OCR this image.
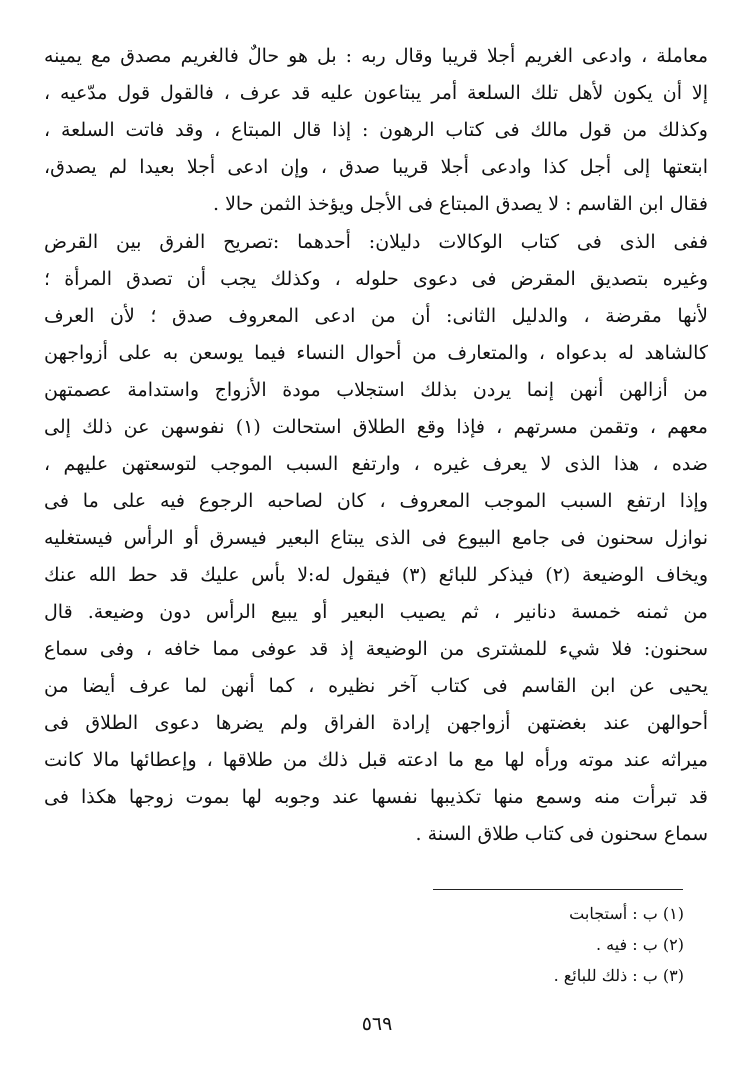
معاملة ، وادعى الغريم أجلا قريبا وقال ربه : بل هو حالٌ فالغريم مصدق مع يمينه
إلا أن يكون لأهل تلك السلعة أمر يبتاعون عليه قد عرف ، فالقول قول مدّعيه ،
وكذلك من قول مالك فى كتاب الرهون : إذا قال المبتاع ، وقد فاتت السلعة ،
ابتعتها إلى أجل كذا وادعى أجلا قريبا صدق ، وإن ادعى أجلا بعيدا لم يصدق،
فقال ابن القاسم : لا يصدق المبتاع فى الأجل ويؤخذ الثمن حالا .
ففى الذى فى كتاب الوكالات دليلان: أحدهما :تصريح الفرق بين القرض
وغيره بتصديق المقرض فى دعوى حلوله ، وكذلك يجب أن تصدق المرأة ؛
لأنها مقرضة ، والدليل الثانى: أن من ادعى المعروف صدق ؛ لأن العرف
كالشاهد له بدعواه ، والمتعارف من أحوال النساء فيما يوسعن به على أزواجهن
من أزالهن أنهن إنما يردن بذلك استجلاب مودة الأزواج واستدامة عصمتهن
معهم ، وتقمن مسرتهم ، فإذا وقع الطلاق استحالت (١) نفوسهن عن ذلك إلى
ضده ، هذا الذى لا يعرف غيره ، وارتفع السبب الموجب لتوسعتهن عليهم ،
وإذا ارتفع السبب الموجب المعروف ، كان لصاحبه الرجوع فيه على ما فى
نوازل سحنون فى جامع البيوع فى الذى يبتاع البعير فيسرق أو الرأس فيستغليه
ويخاف الوضيعة (٢) فيذكر للبائع (٣) فيقول له:لا بأس عليك قد حط الله عنك
من ثمنه خمسة دنانير ، ثم يصيب البعير أو يبيع الرأس دون وضيعة. قال
سحنون: فلا شيء للمشترى من الوضيعة إذ قد عوفى مما خافه ، وفى سماع
يحيى عن ابن القاسم فى كتاب آخر نظيره ، كما أنهن لما عرف أيضا من
أحوالهن عند بغضتهن أزواجهن إرادة الفراق ولم يضرها دعوى الطلاق فى
ميراثه عند موته ورأه لها مع ما ادعته قبل ذلك من طلاقها ، وإعطائها مالا كانت
قد تبرأت منه وسمع منها تكذيبها نفسها عند وجوبه لها بموت زوجها هكذا فى
سماع سحنون فى كتاب طلاق السنة .
(١) ب : أستجابت
(٢) ب : فيه .
(٣) ب : ذلك للبائع .
٥٦٩
